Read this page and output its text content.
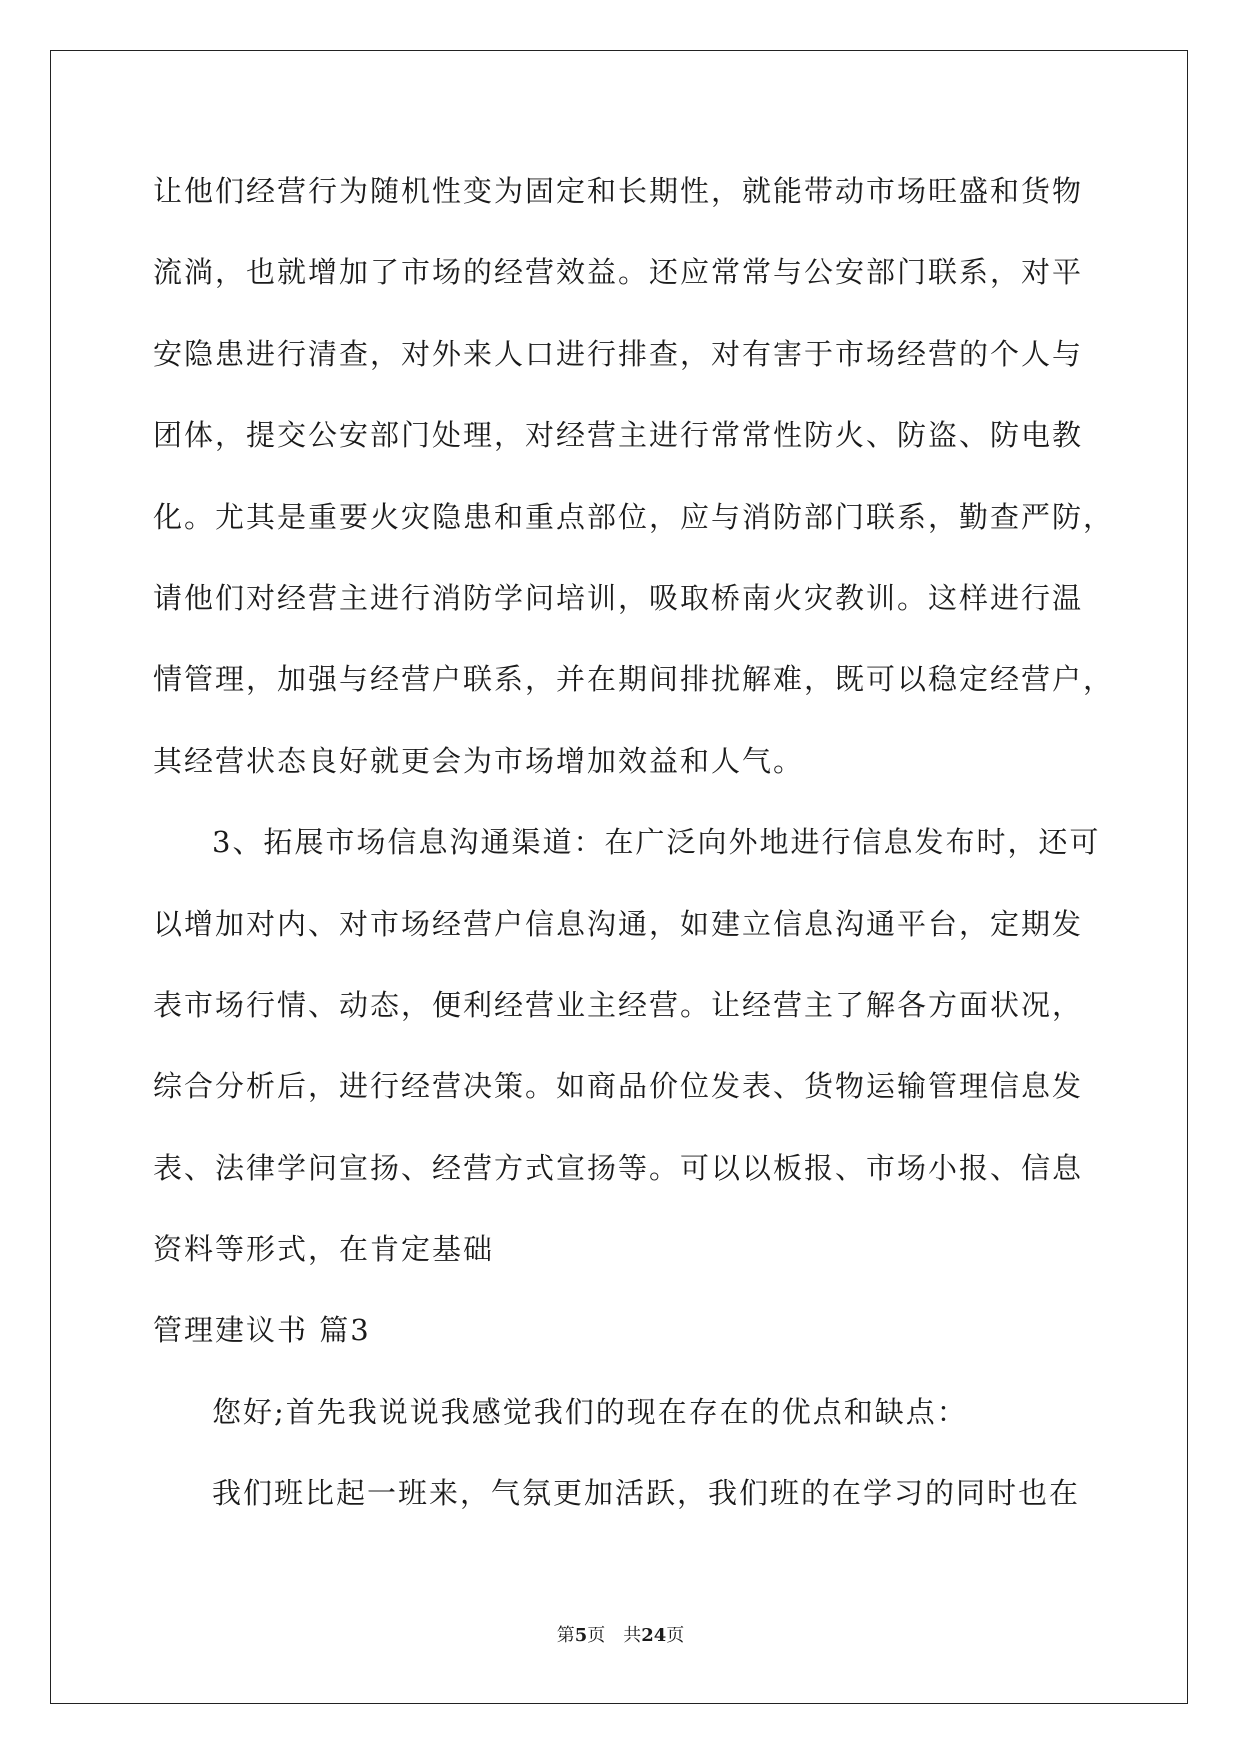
让他们经营行为随机性变为固定和长期性，就能带动市场旺盛和货物
流淌，也就增加了市场的经营效益。还应常常与公安部门联系，对平
安隐患进行清查，对外来人口进行排查，对有害于市场经营的个人与
团体，提交公安部门处理，对经营主进行常常性防火、防盗、防电教
化。尤其是重要火灾隐患和重点部位，应与消防部门联系，勤查严防，
请他们对经营主进行消防学问培训，吸取桥南火灾教训。这样进行温
情管理，加强与经营户联系，并在期间排扰解难，既可以稳定经营户，
其经营状态良好就更会为市场增加效益和人气。
3、拓展市场信息沟通渠道：在广泛向外地进行信息发布时，还可
以增加对内、对市场经营户信息沟通，如建立信息沟通平台，定期发
表市场行情、动态，便利经营业主经营。让经营主了解各方面状况，
综合分析后，进行经营决策。如商品价位发表、货物运输管理信息发
表、法律学问宣扬、经营方式宣扬等。可以以板报、市场小报、信息
资料等形式，在肯定基础
管理建议书 篇3
您好;首先我说说我感觉我们的现在存在的优点和缺点：
我们班比起一班来，气氛更加活跃，我们班的在学习的同时也在
第5页 共24页
